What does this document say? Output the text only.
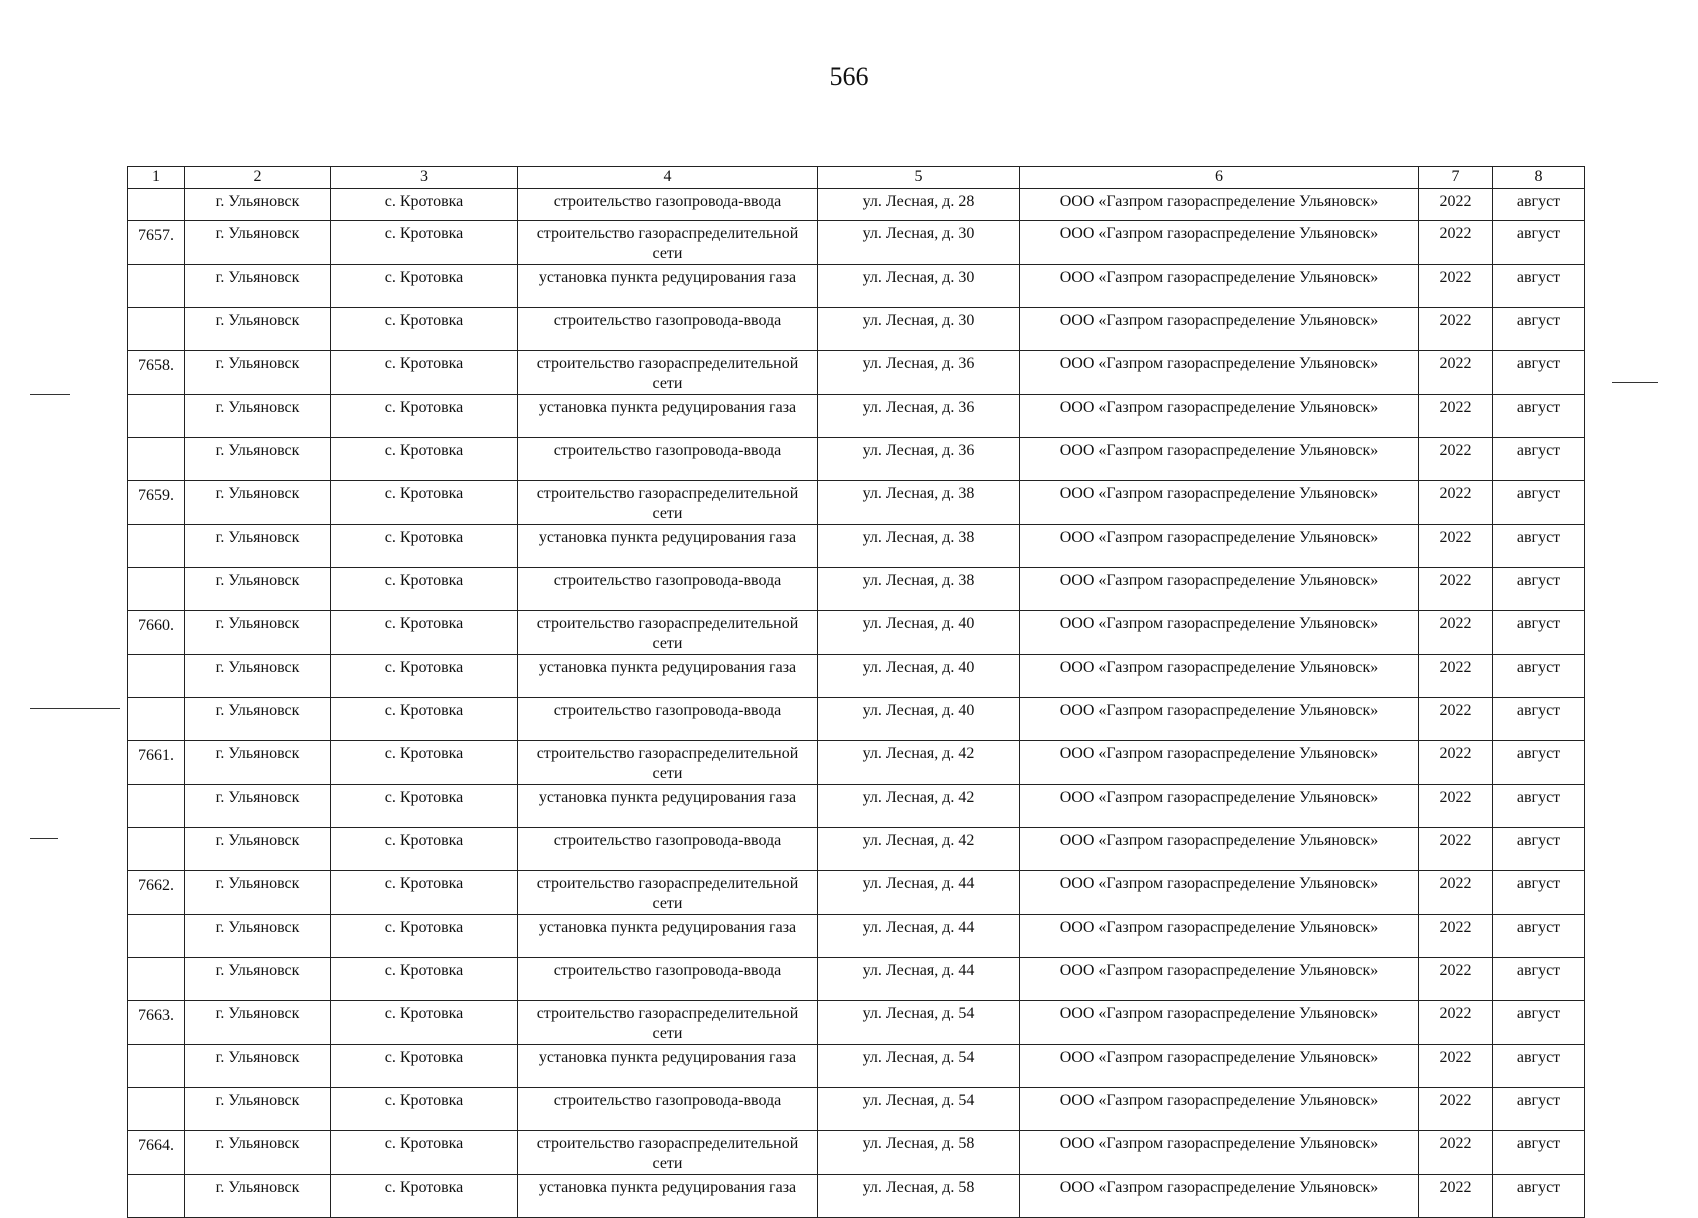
566
1	2	3	4	5	6	7	8
	г. Ульяновск	с. Кротовка	строительство газопровода-ввода	ул. Лесная, д. 28	ООО «Газпром газораспределение Ульяновск»	2022	август
7657.	г. Ульяновск	с. Кротовка	строительство газораспределительной сети	ул. Лесная, д. 30	ООО «Газпром газораспределение Ульяновск»	2022	август
	г. Ульяновск	с. Кротовка	установка пункта редуцирования газа	ул. Лесная, д. 30	ООО «Газпром газораспределение Ульяновск»	2022	август
	г. Ульяновск	с. Кротовка	строительство газопровода-ввода	ул. Лесная, д. 30	ООО «Газпром газораспределение Ульяновск»	2022	август
7658.	г. Ульяновск	с. Кротовка	строительство газораспределительной сети	ул. Лесная, д. 36	ООО «Газпром газораспределение Ульяновск»	2022	август
	г. Ульяновск	с. Кротовка	установка пункта редуцирования газа	ул. Лесная, д. 36	ООО «Газпром газораспределение Ульяновск»	2022	август
	г. Ульяновск	с. Кротовка	строительство газопровода-ввода	ул. Лесная, д. 36	ООО «Газпром газораспределение Ульяновск»	2022	август
7659.	г. Ульяновск	с. Кротовка	строительство газораспределительной сети	ул. Лесная, д. 38	ООО «Газпром газораспределение Ульяновск»	2022	август
	г. Ульяновск	с. Кротовка	установка пункта редуцирования газа	ул. Лесная, д. 38	ООО «Газпром газораспределение Ульяновск»	2022	август
	г. Ульяновск	с. Кротовка	строительство газопровода-ввода	ул. Лесная, д. 38	ООО «Газпром газораспределение Ульяновск»	2022	август
7660.	г. Ульяновск	с. Кротовка	строительство газораспределительной сети	ул. Лесная, д. 40	ООО «Газпром газораспределение Ульяновск»	2022	август
	г. Ульяновск	с. Кротовка	установка пункта редуцирования газа	ул. Лесная, д. 40	ООО «Газпром газораспределение Ульяновск»	2022	август
	г. Ульяновск	с. Кротовка	строительство газопровода-ввода	ул. Лесная, д. 40	ООО «Газпром газораспределение Ульяновск»	2022	август
7661.	г. Ульяновск	с. Кротовка	строительство газораспределительной сети	ул. Лесная, д. 42	ООО «Газпром газораспределение Ульяновск»	2022	август
	г. Ульяновск	с. Кротовка	установка пункта редуцирования газа	ул. Лесная, д. 42	ООО «Газпром газораспределение Ульяновск»	2022	август
	г. Ульяновск	с. Кротовка	строительство газопровода-ввода	ул. Лесная, д. 42	ООО «Газпром газораспределение Ульяновск»	2022	август
7662.	г. Ульяновск	с. Кротовка	строительство газораспределительной сети	ул. Лесная, д. 44	ООО «Газпром газораспределение Ульяновск»	2022	август
	г. Ульяновск	с. Кротовка	установка пункта редуцирования газа	ул. Лесная, д. 44	ООО «Газпром газораспределение Ульяновск»	2022	август
	г. Ульяновск	с. Кротовка	строительство газопровода-ввода	ул. Лесная, д. 44	ООО «Газпром газораспределение Ульяновск»	2022	август
7663.	г. Ульяновск	с. Кротовка	строительство газораспределительной сети	ул. Лесная, д. 54	ООО «Газпром газораспределение Ульяновск»	2022	август
	г. Ульяновск	с. Кротовка	установка пункта редуцирования газа	ул. Лесная, д. 54	ООО «Газпром газораспределение Ульяновск»	2022	август
	г. Ульяновск	с. Кротовка	строительство газопровода-ввода	ул. Лесная, д. 54	ООО «Газпром газораспределение Ульяновск»	2022	август
7664.	г. Ульяновск	с. Кротовка	строительство газораспределительной сети	ул. Лесная, д. 58	ООО «Газпром газораспределение Ульяновск»	2022	август
	г. Ульяновск	с. Кротовка	установка пункта редуцирования газа	ул. Лесная, д. 58	ООО «Газпром газораспределение Ульяновск»	2022	август
